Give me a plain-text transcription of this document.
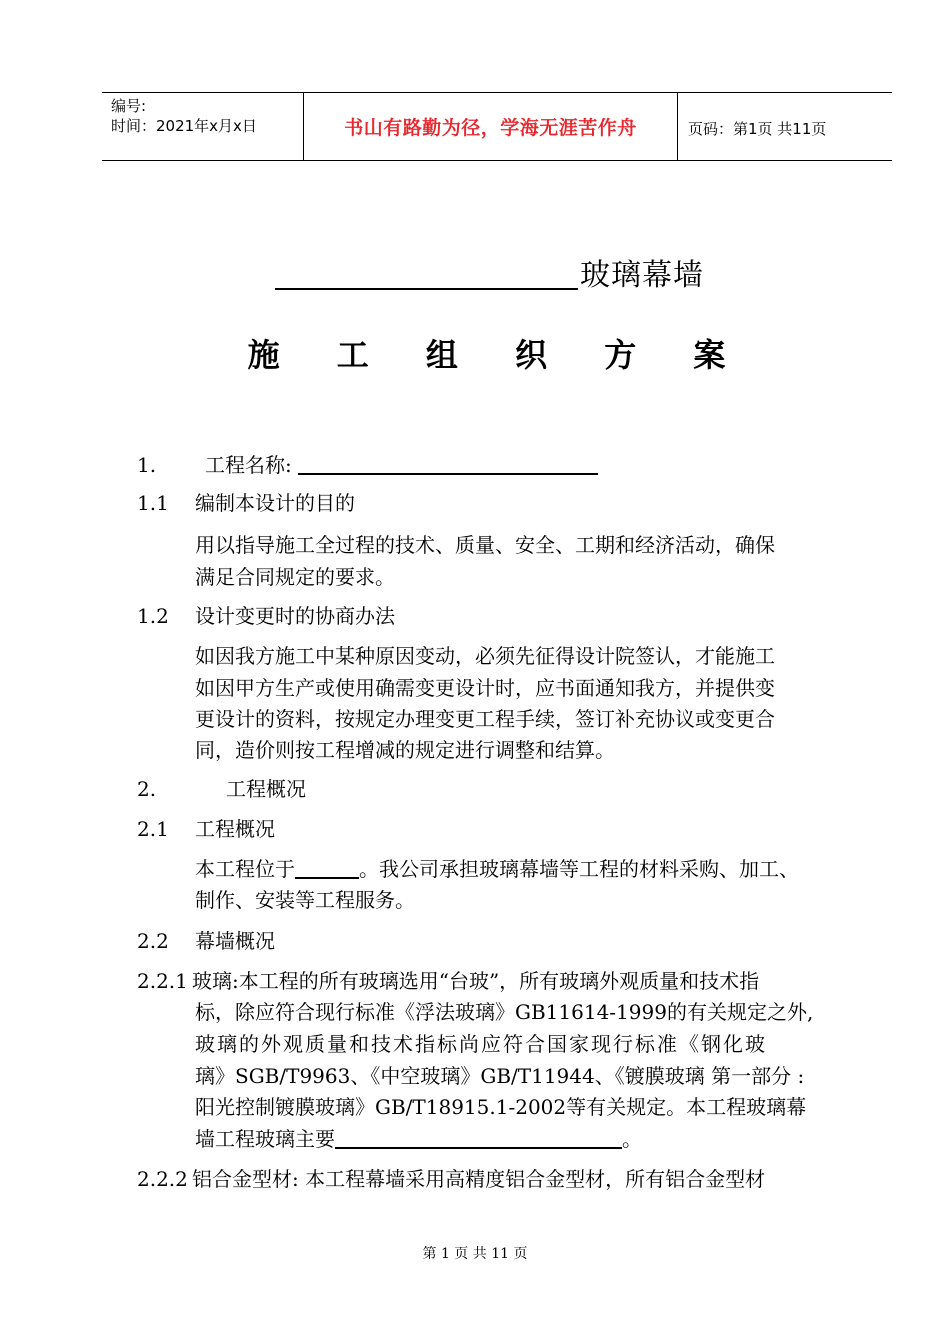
编号:
时间：2021年x月x日	书山有路勤为径，学海无涯苦作舟	页码：第1页 共11页
玻璃幕墙
施 工 组 织 方 案
1. 工程名称:
1.1 编制本设计的目的
用以指导施工全过程的技术、质量、安全、工期和经济活动，确保
满足合同规定的要求。
1.2 设计变更时的协商办法
如因我方施工中某种原因变动，必须先征得设计院签认，才能施工
如因甲方生产或使用确需变更设计时，应书面通知我方，并提供变
更设计的资料，按规定办理变更工程手续，签订补充协议或变更合
同，造价则按工程增减的规定进行调整和结算。
2.	工程概况
2.1 工程概况
本工程位于	。我公司承担玻璃幕墙等工程的材料采购、加工、
制作、安装等工程服务。
2.2 幕墙概况
2.2.1 玻璃:本工程的所有玻璃选用“台玻”，所有玻璃外观质量和技术指
标，除应符合现行标准《浮法玻璃》GB11614-1999的有关规定之外,
玻璃的外观质量和技术指标尚应符合国家现行标准《钢化玻
璃》SGB/T9963、《中空玻璃》GB/T11944、《镀膜玻璃 第一部分 :
阳光控制镀膜玻璃》GB/T18915.1-2002等有关规定。本工程玻璃幕
墙工程玻璃主要	。
2.2.2 铝合金型材: 本工程幕墙采用高精度铝合金型材，所有铝合金型材
第 1 页 共 11 页
